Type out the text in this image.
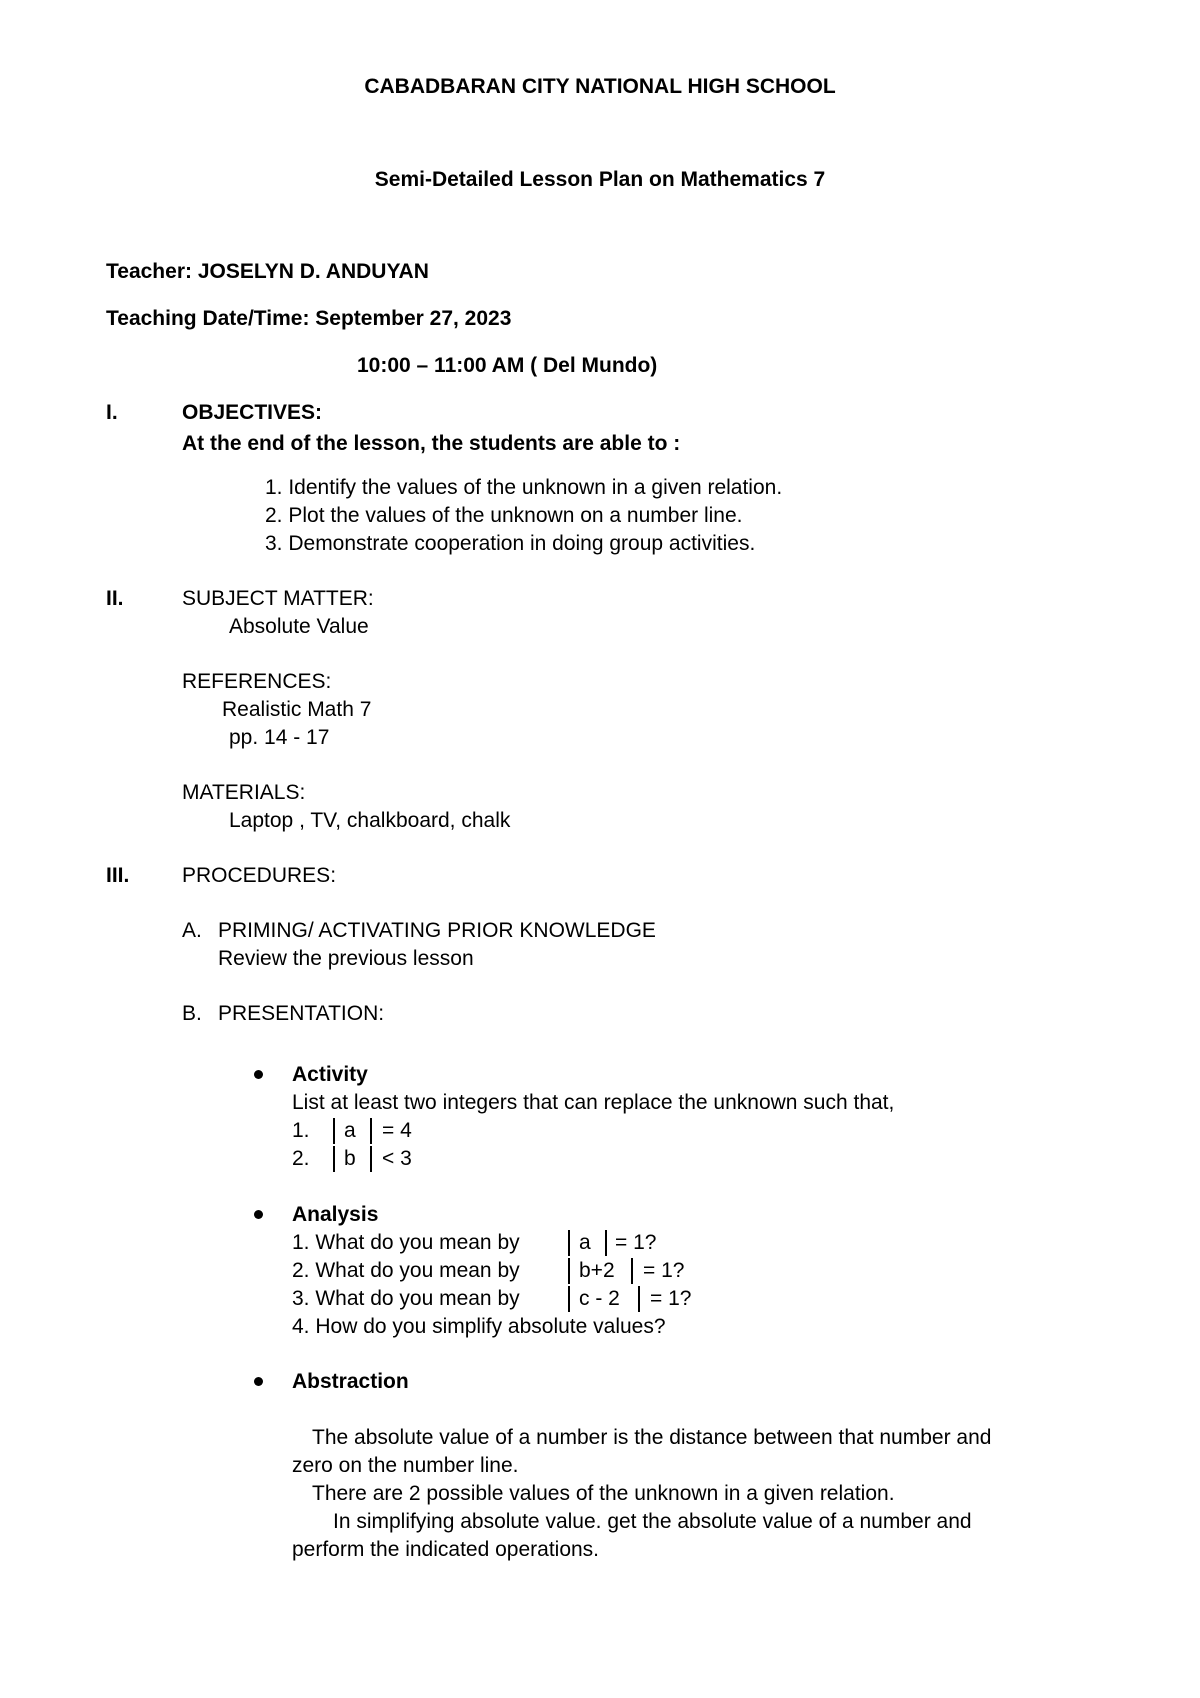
CABADBARAN CITY NATIONAL HIGH SCHOOL
Semi-Detailed Lesson Plan on Mathematics 7
Teacher: JOSELYN D. ANDUYAN
Teaching Date/Time: September 27, 2023
10:00 – 11:00 AM ( Del Mundo)
I.	OBJECTIVES:
At the end of the lesson, the students are able to :
1. Identify the values of the unknown in a given relation.
2. Plot the values of the unknown on a number line.
3. Demonstrate cooperation in doing group activities.
II.	SUBJECT MATTER:
Absolute Value
REFERENCES:
Realistic Math 7
pp. 14 - 17
MATERIALS:
Laptop , TV, chalkboard, chalk
III.	PROCEDURES:
A. PRIMING/ ACTIVATING PRIOR KNOWLEDGE
Review the previous lesson
B. PRESENTATION:
Activity
List at least two integers that can replace the unknown such that,
1. a = 4
2. b < 3
Analysis
1. What do you mean by	a = 1?
2. What do you mean by	b+2 = 1?
3. What do you mean by	c - 2 = 1?
4. How do you simplify absolute values?
Abstraction
The absolute value of a number is the distance between that number and
zero on the number line.
There are 2 possible values of the unknown in a given relation.
In simplifying absolute value. get the absolute value of a number and
perform the indicated operations.
